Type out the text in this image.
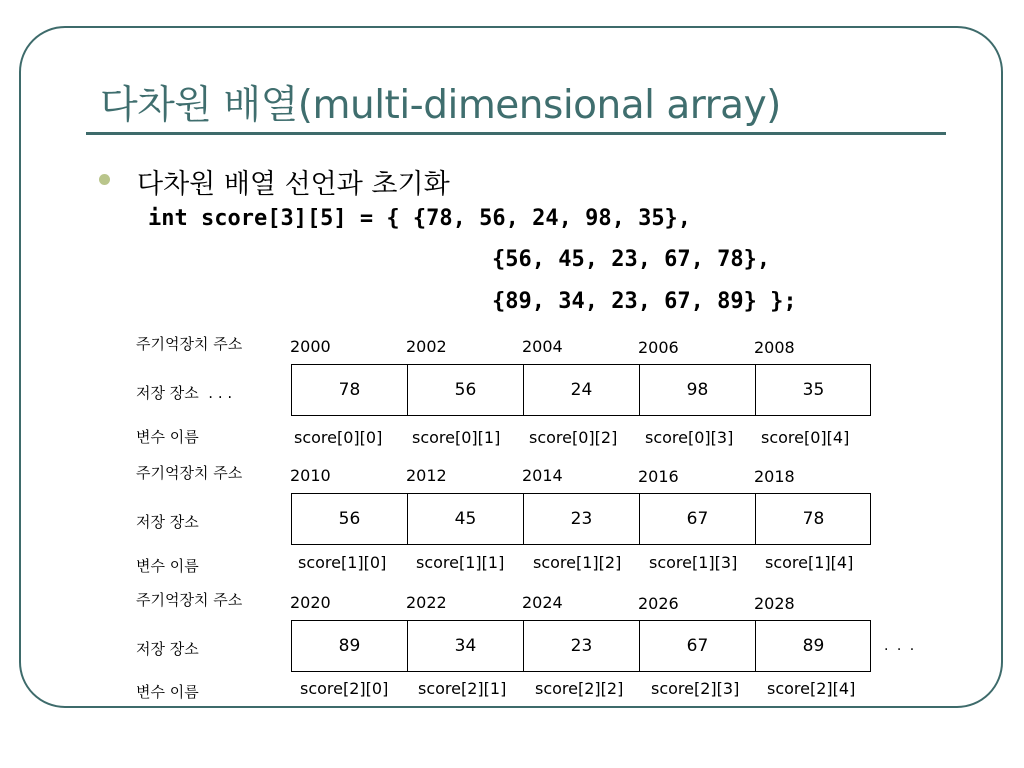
다차원 배열(multi-dimensional array)
다차원 배열 선언과 초기화
int score[3][5] = { {78, 56, 24, 98, 35},
{56, 45, 23, 67, 78},
{89, 34, 23, 67, 89} };
주기억장치 주소	2000	2002	2004	2006	2008
저장 장소 . . .	78	56	24	98	35
변수 이름	score[0][0] score[0][1] score[0][2] score[0][3] score[0][4]
주기억장치 주소	2010	2012	2014	2016	2018
저장 장소	56	45	23	67	78
변수 이름	score[1][0] score[1][1] score[1][2] score[1][3] score[1][4]
주기억장치 주소	2020	2022	2024	2026	2028
저장 장소	89	34	23	67	89	. . .
변수 이름	score[2][0] score[2][1] score[2][2] score[2][3] score[2][4]
